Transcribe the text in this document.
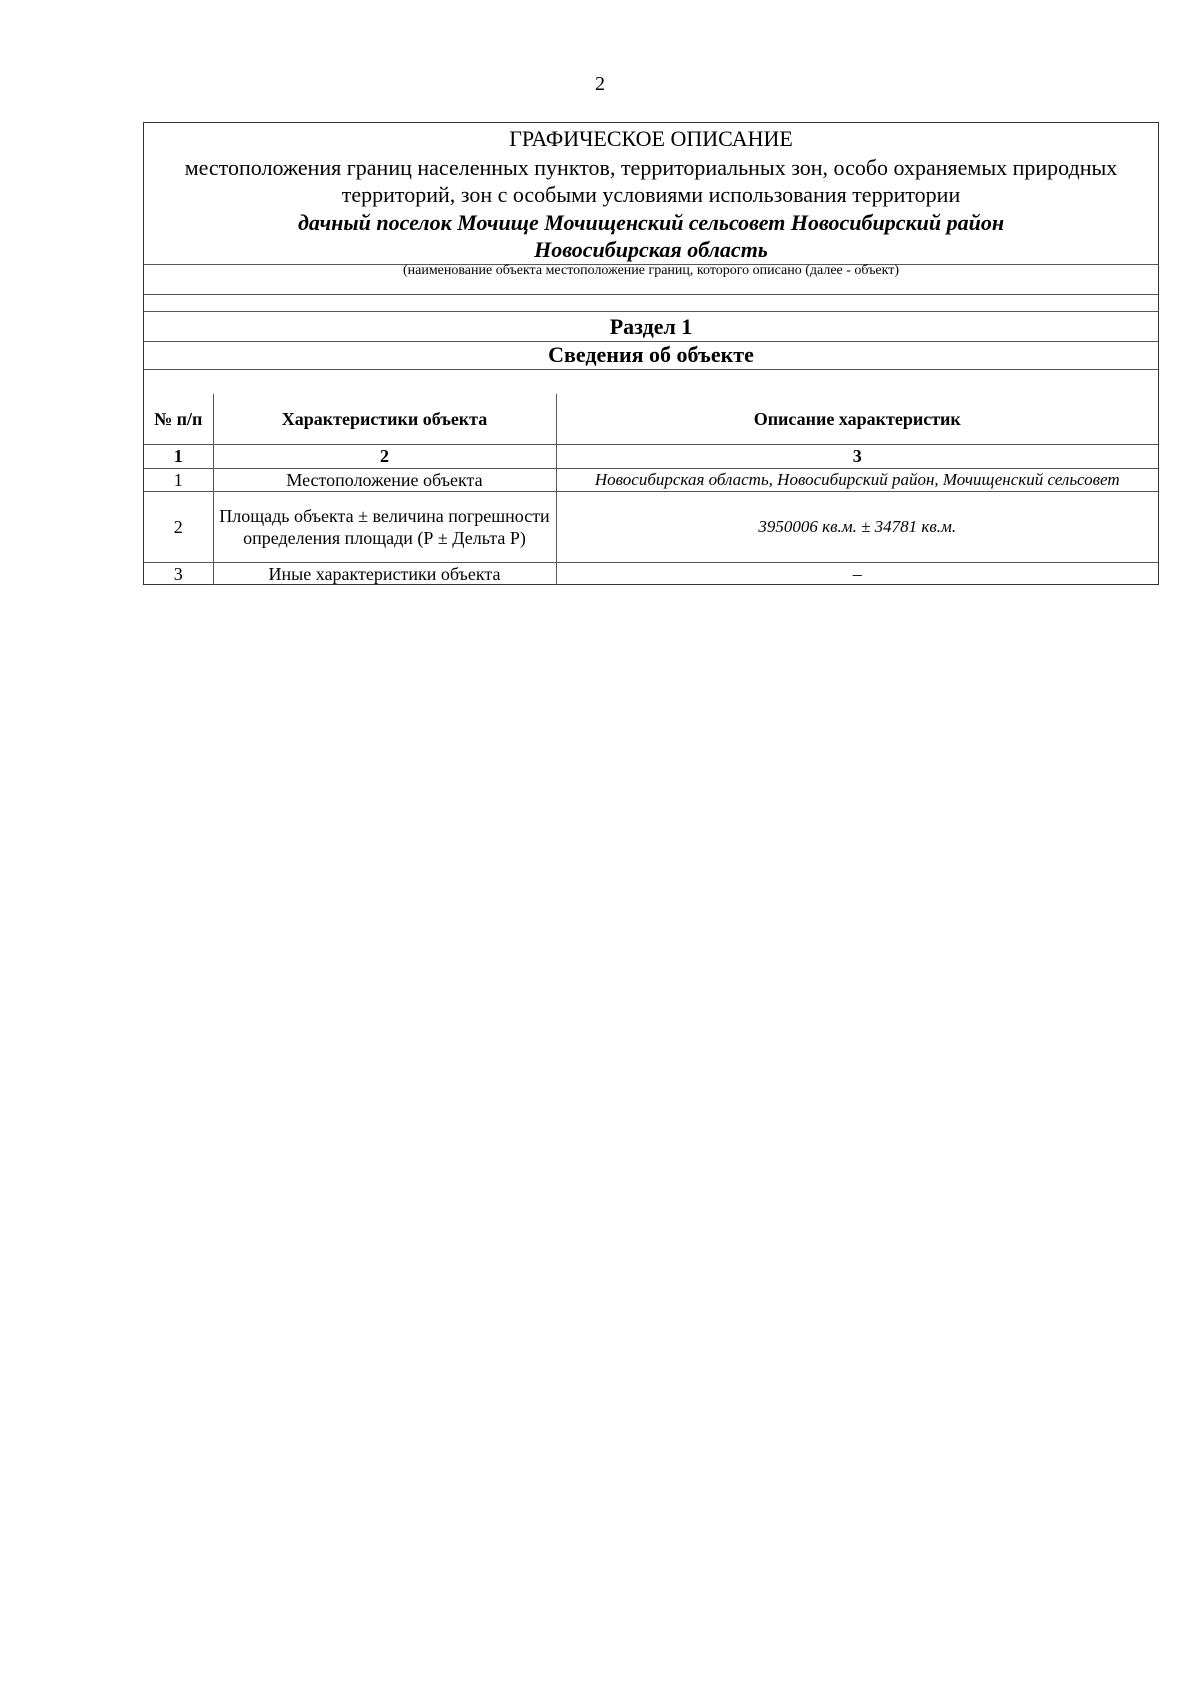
2
ГРАФИЧЕСКОЕ ОПИСАНИЕ
местоположения границ населенных пунктов, территориальных зон, особо охраняемых природных территорий, зон с особыми условиями использования территории
дачный поселок Мочище Мочищенский сельсовет Новосибирский район
Новосибирская область
(наименование объекта местоположение границ, которого описано (далее - объект)
Раздел 1
Сведения об объекте
№ п/п	Характеристики объекта	Описание характеристик
1	2	3
1	Местоположение объекта	Новосибирская область, Новосибирский район, Мочищенский сельсовет
2	Площадь объекта ± величина погрешности определения площади (Р ± Дельта Р)	3950006 кв.м. ± 34781 кв.м.
3	Иные характеристики объекта	–
